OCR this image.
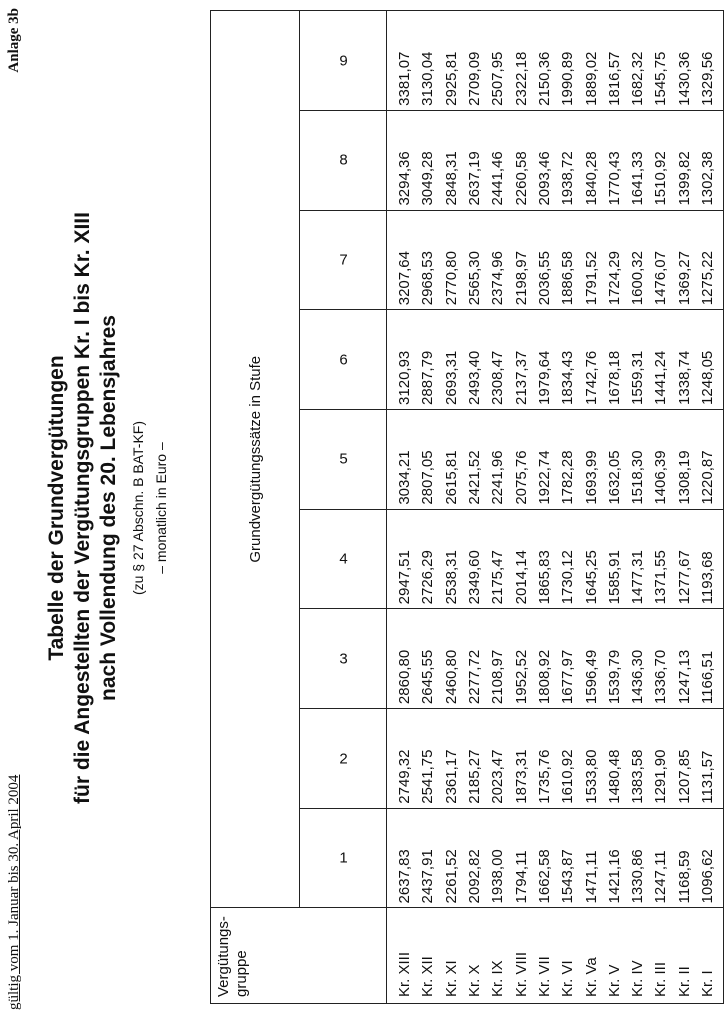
gültig vom 1. Januar bis 30. April 2004
Anlage 3b
Tabelle der Grundvergütungen für die Angestellten der Vergütungsgruppen Kr. I bis Kr. XIII nach Vollendung des 20. Lebensjahres (zu § 27 Abschn. B BAT-KF) – monatlich in Euro –
Vergütungs-
gruppe	Grundvergütungssätze in Stufe								
	1	2	3	4	5	6	7	8	9
Kr. XIII	2637,83	2749,32	2860,80	2947,51	3034,21	3120,93	3207,64	3294,36	3381,07
Kr. XII	2437,91	2541,75	2645,55	2726,29	2807,05	2887,79	2968,53	3049,28	3130,04
Kr. XI	2261,52	2361,17	2460,80	2538,31	2615,81	2693,31	2770,80	2848,31	2925,81
Kr. X	2092,82	2185,27	2277,72	2349,60	2421,52	2493,40	2565,30	2637,19	2709,09
Kr. IX	1938,00	2023,47	2108,97	2175,47	2241,96	2308,47	2374,96	2441,46	2507,95
Kr. VIII	1794,11	1873,31	1952,52	2014,14	2075,76	2137,37	2198,97	2260,58	2322,18
Kr. VII	1662,58	1735,76	1808,92	1865,83	1922,74	1979,64	2036,55	2093,46	2150,36
Kr. VI	1543,87	1610,92	1677,97	1730,12	1782,28	1834,43	1886,58	1938,72	1990,89
Kr. Va	1471,11	1533,80	1596,49	1645,25	1693,99	1742,76	1791,52	1840,28	1889,02
Kr. V	1421,16	1480,48	1539,79	1585,91	1632,05	1678,18	1724,29	1770,43	1816,57
Kr. IV	1330,86	1383,58	1436,30	1477,31	1518,30	1559,31	1600,32	1641,33	1682,32
Kr. III	1247,11	1291,90	1336,70	1371,55	1406,39	1441,24	1476,07	1510,92	1545,75
Kr. II	1168,59	1207,85	1247,13	1277,67	1308,19	1338,74	1369,27	1399,82	1430,36
Kr. I	1096,62	1131,57	1166,51	1193,68	1220,87	1248,05	1275,22	1302,38	1329,56
